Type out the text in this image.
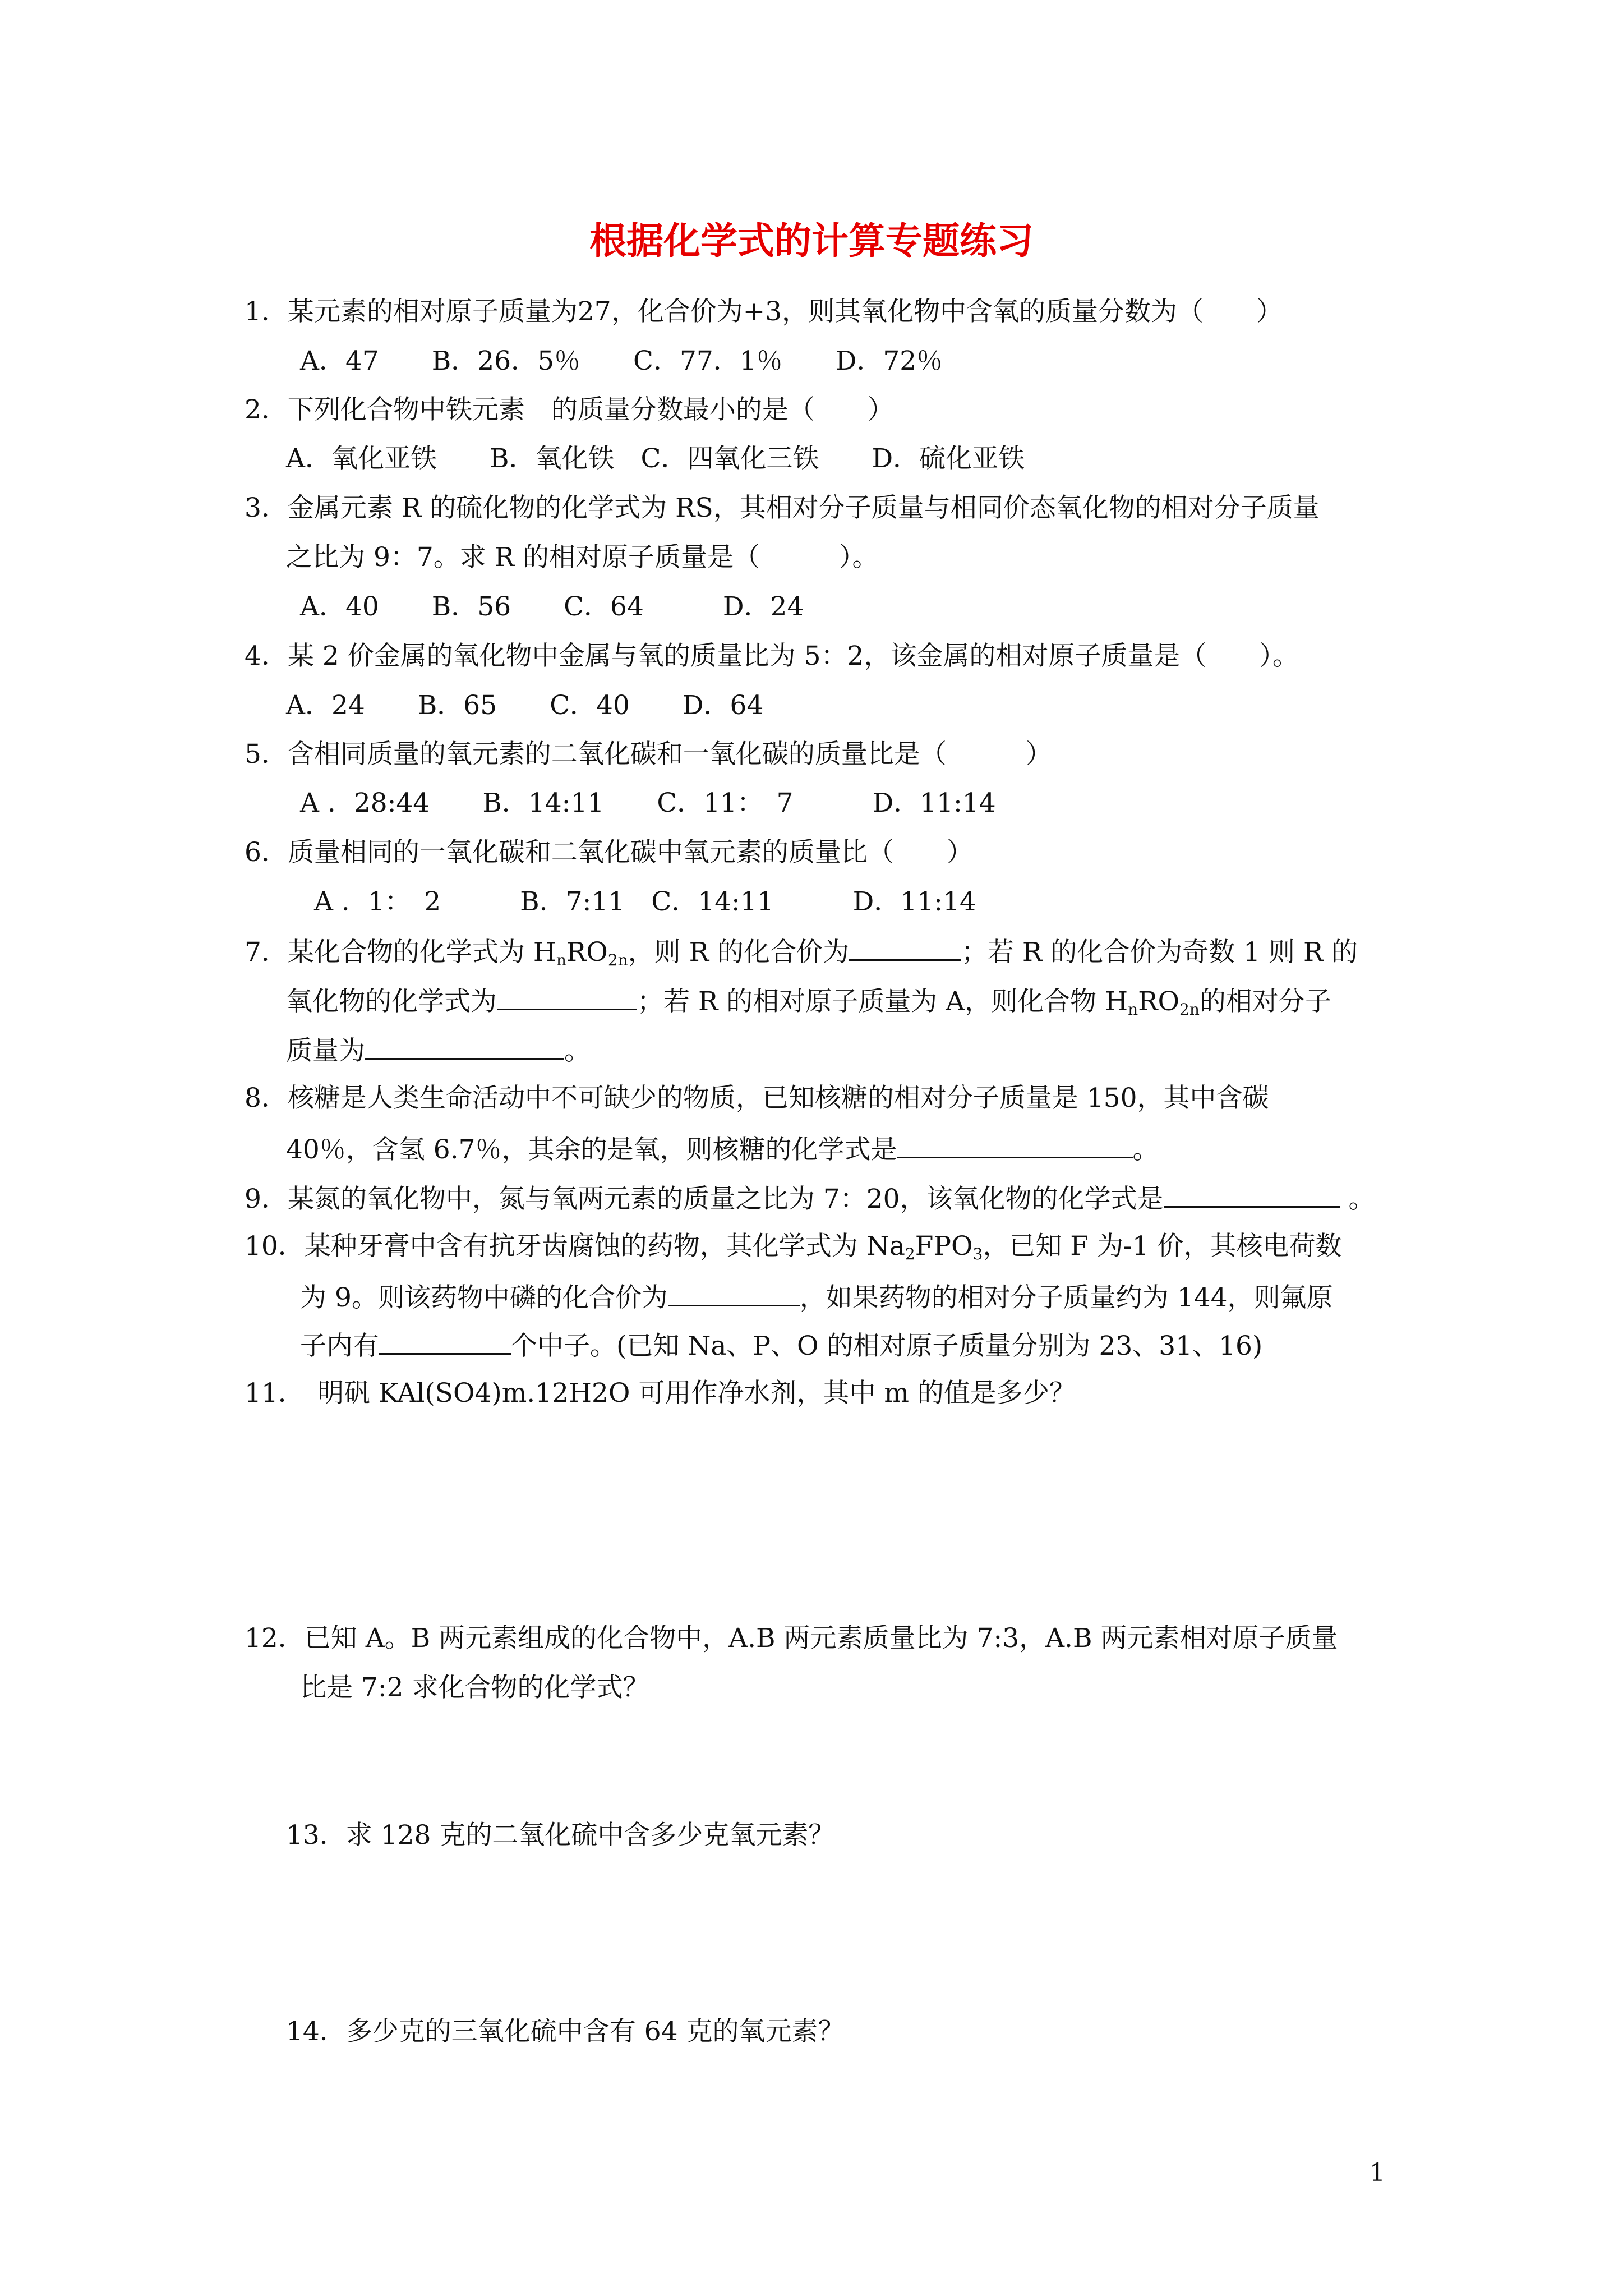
根据化学式的计算专题练习
1．某元素的相对原子质量为27，化合价为+3，则其氧化物中含氧的质量分数为（　　）
A．47　　B．26．5％　　C．77．1％　　D．72％
2．下列化合物中铁元素　的质量分数最小的是（　　）
A．氧化亚铁　　B．氧化铁　C．四氧化三铁　　D．硫化亚铁
3．金属元素 R 的硫化物的化学式为 RS，其相对分子质量与相同价态氧化物的相对分子质量
之比为 9：7。求 R 的相对原子质量是（　　　）。
A．40　　B．56　　C．64　　　D．24
4．某 2 价金属的氧化物中金属与氧的质量比为 5：2，该金属的相对原子质量是（　　）。
A．24　　B．65　　C．40　　D．64
5．含相同质量的氧元素的二氧化碳和一氧化碳的质量比是（　　　）
A ．28:44　　B．14:11　　C．11：　7　　　D．11:14
6．质量相同的一氧化碳和二氧化碳中氧元素的质量比（　　）
A ．1：　2　　　B．7:11　C．14:11　　　D．11:14
7．某化合物的化学式为 $H_nRO_{2n}$，则 R 的化合价为	；若 R 的化合价为奇数 1 则 R 的
氧化物的化学式为	；若 R 的相对原子质量为 A，则化合物 $H_nRO_{2n}$的相对分子
质量为	。
8．核糖是人类生命活动中不可缺少的物质，已知核糖的相对分子质量是 150，其中含碳
40％，含氢 6.7％，其余的是氧，则核糖的化学式是	。
9．某氮的氧化物中，氮与氧两元素的质量之比为 7：20，该氧化物的化学式是	。
10．某种牙膏中含有抗牙齿腐蚀的药物，其化学式为 $Na_2FPO_3$，已知 F 为-1 价，其核电荷数
为 9。则该药物中磷的化合价为	，如果药物的相对分子质量约为 144，则氟原
子内有	个中子。(已知 Na、P、O 的相对原子质量分别为 23、31、16)
11．　明矾 KAl(SO4)m.12H2O 可用作净水剂，其中 m 的值是多少？
12．已知 A。B 两元素组成的化合物中，A.B 两元素质量比为 7:3，A.B 两元素相对原子质量
比是 7:2 求化合物的化学式？
13．求 128 克的二氧化硫中含多少克氧元素？
14．多少克的三氧化硫中含有 64 克的氧元素？
1
